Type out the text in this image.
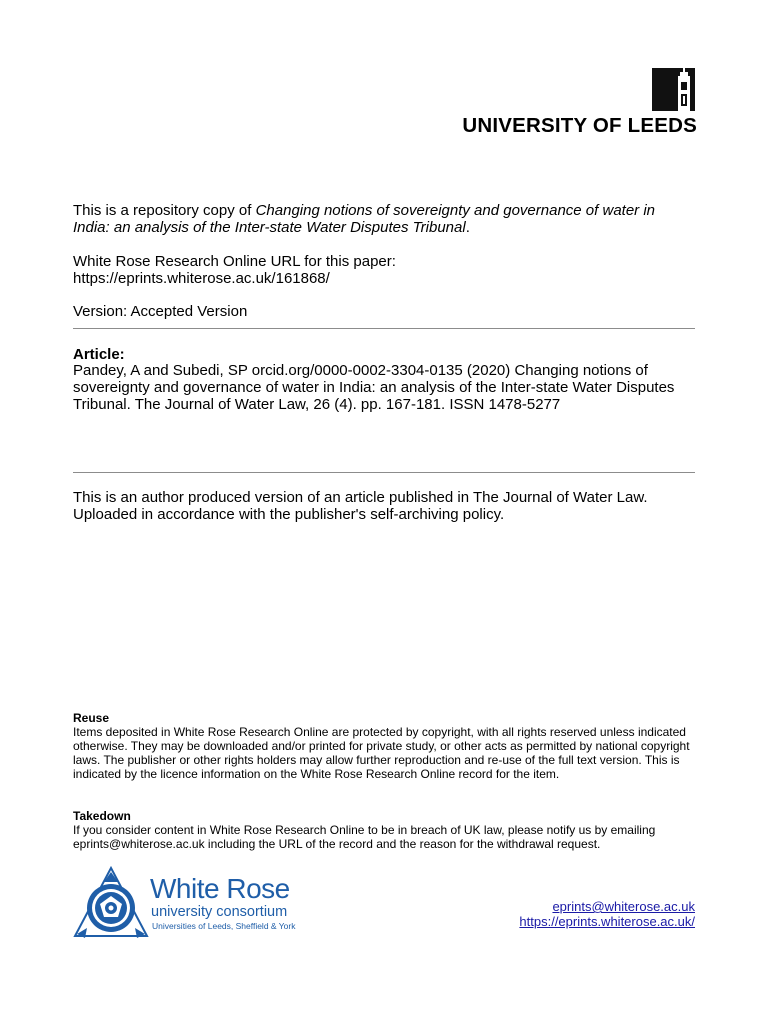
UNIVERSITY OF LEEDS
This is a repository copy of Changing notions of sovereignty and governance of water in India: an analysis of the Inter-state Water Disputes Tribunal.
White Rose Research Online URL for this paper:
https://eprints.whiterose.ac.uk/161868/
Version: Accepted Version
Article:
Pandey, A and Subedi, SP orcid.org/0000-0002-3304-0135 (2020) Changing notions of sovereignty and governance of water in India: an analysis of the Inter-state Water Disputes Tribunal. The Journal of Water Law, 26 (4). pp. 167-181. ISSN 1478-5277
This is an author produced version of an article published in The Journal of Water Law.
Uploaded in accordance with the publisher's self-archiving policy.
Reuse
Items deposited in White Rose Research Online are protected by copyright, with all rights reserved unless indicated otherwise. They may be downloaded and/or printed for private study, or other acts as permitted by national copyright laws. The publisher or other rights holders may allow further reproduction and re-use of the full text version. This is indicated by the licence information on the White Rose Research Online record for the item.
Takedown
If you consider content in White Rose Research Online to be in breach of UK law, please notify us by emailing eprints@whiterose.ac.uk including the URL of the record and the reason for the withdrawal request.
White Rose
university consortium
Universities of Leeds, Sheffield & York
eprints@whiterose.ac.uk
https://eprints.whiterose.ac.uk/
